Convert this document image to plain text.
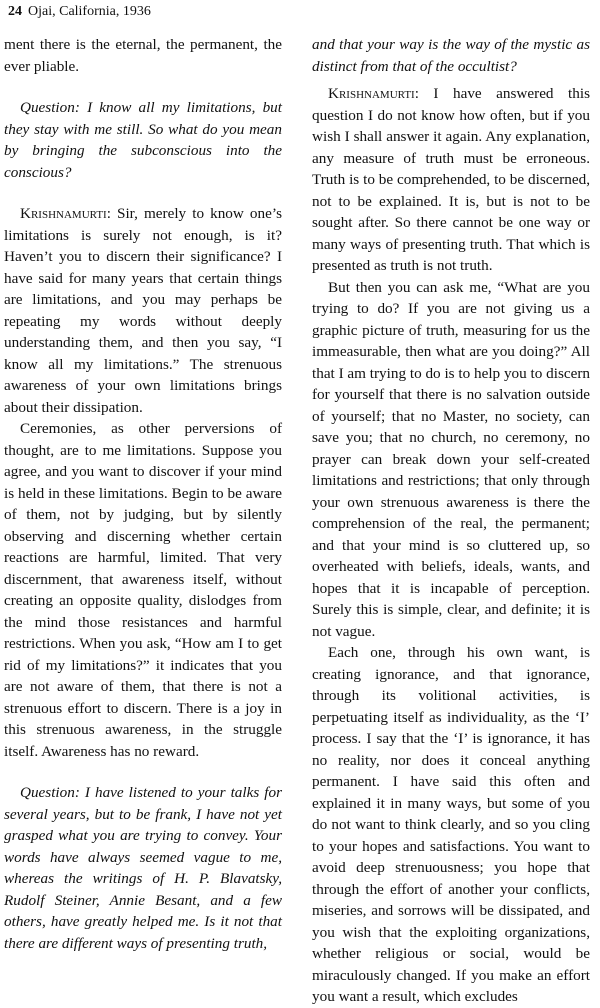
24 Ojai, California, 1936

ment there is the eternal, the permanent, the ever pliable.

Question: I know all my limitations, but they stay with me still. So what do you mean by bringing the subconscious into the conscious?

Krishnamurti: Sir, merely to know one’s limitations is surely not enough, is it? Haven’t you to discern their significance? I have said for many years that certain things are limitations, and you may perhaps be repeating my words without deeply understanding them, and then you say, “I know all my limitations.” The strenuous awareness of your own limitations brings about their dissipation.

Ceremonies, as other perversions of thought, are to me limitations. Suppose you agree, and you want to discover if your mind is held in these limitations. Begin to be aware of them, not by judging, but by silently observing and discerning whether certain reactions are harmful, limited. That very discernment, that awareness itself, without creating an opposite quality, dislodges from the mind those resistances and harmful restrictions. When you ask, “How am I to get rid of my limitations?” it indicates that you are not aware of them, that there is not a strenuous effort to discern. There is a joy in this strenuous awareness, in the struggle itself. Awareness has no reward.

Question: I have listened to your talks for several years, but to be frank, I have not yet grasped what you are trying to convey. Your words have always seemed vague to me, whereas the writings of H. P. Blavatsky, Rudolf Steiner, Annie Besant, and a few others, have greatly helped me. Is it not that there are different ways of presenting truth,

and that your way is the way of the mystic as distinct from that of the occultist?

Krishnamurti: I have answered this question I do not know how often, but if you wish I shall answer it again. Any explanation, any measure of truth must be erroneous. Truth is to be comprehended, to be discerned, not to be explained. It is, but is not to be sought after. So there cannot be one way or many ways of presenting truth. That which is presented as truth is not truth.

But then you can ask me, “What are you trying to do? If you are not giving us a graphic picture of truth, measuring for us the immeasurable, then what are you doing?” All that I am trying to do is to help you to discern for yourself that there is no salvation outside of yourself; that no Master, no society, can save you; that no church, no ceremony, no prayer can break down your self-created limitations and restrictions; that only through your own strenuous awareness is there the comprehension of the real, the permanent; and that your mind is so cluttered up, so overheated with beliefs, ideals, wants, and hopes that it is incapable of perception. Surely this is simple, clear, and definite; it is not vague.

Each one, through his own want, is creating ignorance, and that ignorance, through its volitional activities, is perpetuating itself as individuality, as the ‘I’ process. I say that the ‘I’ is ignorance, it has no reality, nor does it conceal anything permanent. I have said this often and explained it in many ways, but some of you do not want to think clearly, and so you cling to your hopes and satisfactions. You want to avoid deep strenuousness; you hope that through the effort of another your conflicts, miseries, and sorrows will be dissipated, and you wish that the exploiting organizations, whether religious or social, would be miraculously changed. If you make an effort you want a result, which excludes
